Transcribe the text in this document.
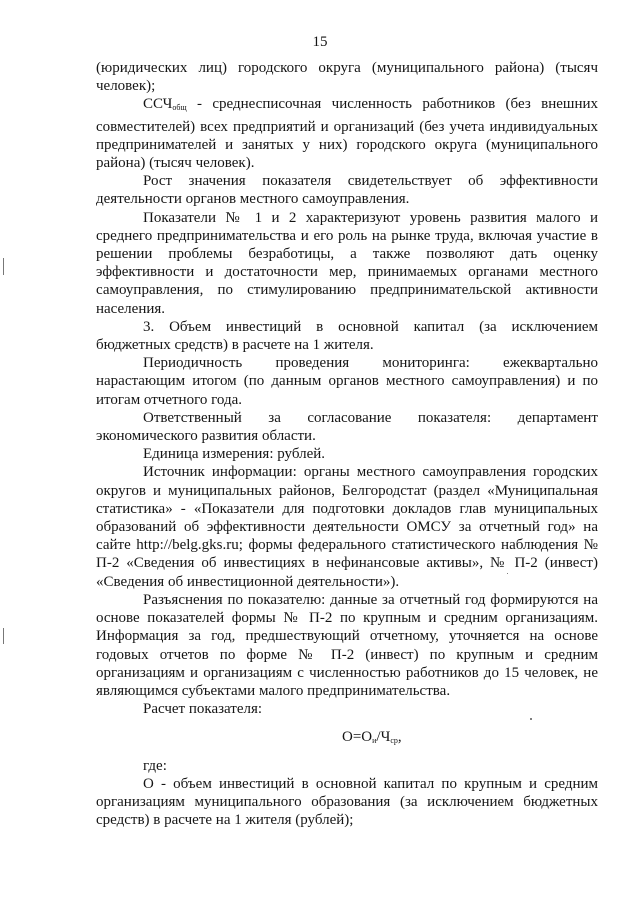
15

(юридических лиц) городского округа (муниципального района) (тысяч человек);

$ССЧ_{общ}$ - среднесписочная численность работников (без внешних совместителей) всех предприятий и организаций (без учета индивидуальных предпринимателей и занятых у них) городского округа (муниципального района) (тысяч человек).

Рост значения показателя свидетельствует об эффективности деятельности органов местного самоуправления.

Показатели № 1 и 2 характеризуют уровень развития малого и среднего предпринимательства и его роль на рынке труда, включая участие в решении проблемы безработицы, а также позволяют дать оценку эффективности и достаточности мер, принимаемых органами местного самоуправления, по стимулированию предпринимательской активности населения.

3. Объем инвестиций в основной капитал (за исключением бюджетных средств) в расчете на 1 жителя.

Периодичность проведения мониторинга: ежеквартально нарастающим итогом (по данным органов местного самоуправления) и по итогам отчетного года.

Ответственный за согласование показателя: департамент экономического развития области.

Единица измерения: рублей.

Источник информации: органы местного самоуправления городских округов и муниципальных районов, Белгородстат (раздел «Муниципальная статистика» - «Показатели для подготовки докладов глав муниципальных образований об эффективности деятельности ОМСУ за отчетный год» на сайте http://belg.gks.ru; формы федерального статистического наблюдения № П-2 «Сведения об инвестициях в нефинансовые активы», № П-2 (инвест) «Сведения об инвестиционной деятельности»).

Разъяснения по показателю: данные за отчетный год формируются на основе показателей формы № П-2 по крупным и средним организациям. Информация за год, предшествующий отчетному, уточняется на основе годовых отчетов по форме № П-2 (инвест) по крупным и средним организациям и организациям с численностью работников до 15 человек, не являющимся субъектами малого предпринимательства.

Расчет показателя:

$О=О_и/Ч_{ср}$,

где:

О - объем инвестиций в основной капитал по крупным и средним организациям муниципального образования (за исключением бюджетных средств) в расчете на 1 жителя (рублей);
